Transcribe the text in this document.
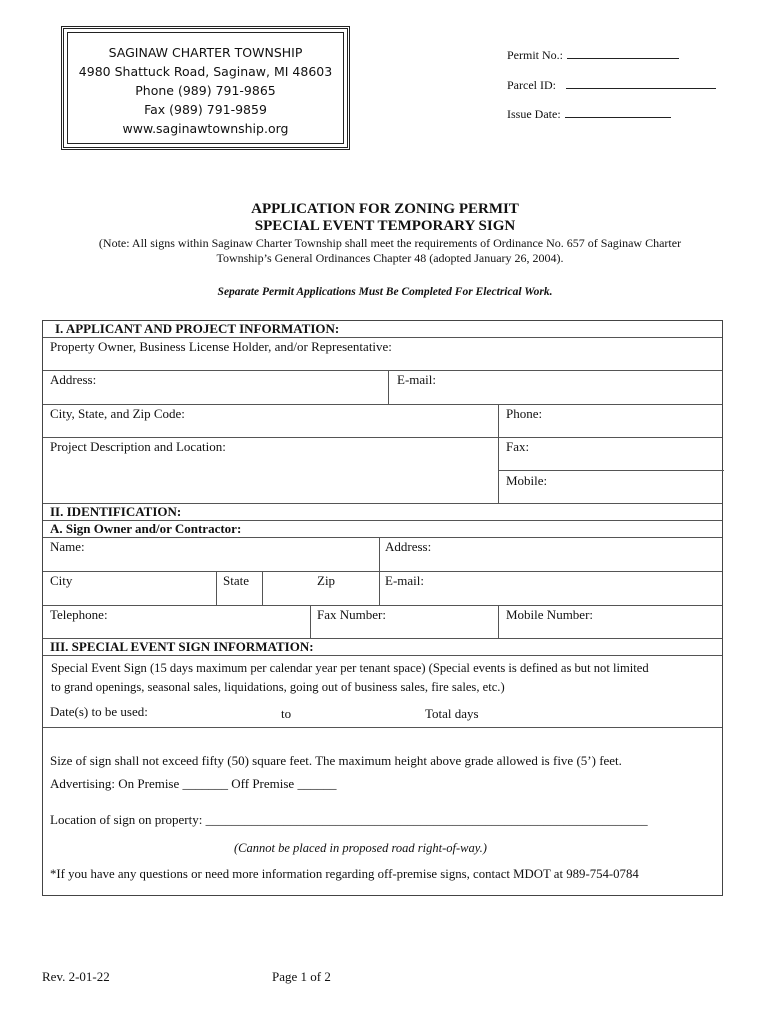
SAGINAW CHARTER TOWNSHIP
4980 Shattuck Road, Saginaw, MI 48603
Phone (989) 791-9865
Fax (989) 791-9859
www.saginawtownship.org
Permit No.:
Parcel ID:
Issue Date:
APPLICATION FOR ZONING PERMIT
SPECIAL EVENT TEMPORARY SIGN
(Note: All signs within Saginaw Charter Township shall meet the requirements of Ordinance No. 657 of Saginaw Charter
Township’s General Ordinances Chapter 48 (adopted January 26, 2004).
Separate Permit Applications Must Be Completed For Electrical Work.
I. APPLICANT AND PROJECT INFORMATION:
Property Owner, Business License Holder, and/or Representative:
Address:	E-mail:
City, State, and Zip Code:	Phone:
Project Description and Location:	Fax:
Mobile:
II. IDENTIFICATION:
A. Sign Owner and/or Contractor:
Name:	Address:
City	State	Zip	E-mail:
Telephone:	Fax Number:	Mobile Number:
III. SPECIAL EVENT SIGN INFORMATION:
Special Event Sign (15 days maximum per calendar year per tenant space) (Special events is defined as but not limited
to grand openings, seasonal sales, liquidations, going out of business sales, fire sales, etc.)
Date(s) to be used:	to	Total days
Size of sign shall not exceed fifty (50) square feet. The maximum height above grade allowed is five (5’) feet.
Advertising: On Premise _______ Off Premise ______
Location of sign on property: ____________________________________________________________________
(Cannot be placed in proposed road right-of-way.)
*If you have any questions or need more information regarding off-premise signs, contact MDOT at 989-754-0784
Rev. 2-01-22	Page 1 of 2
